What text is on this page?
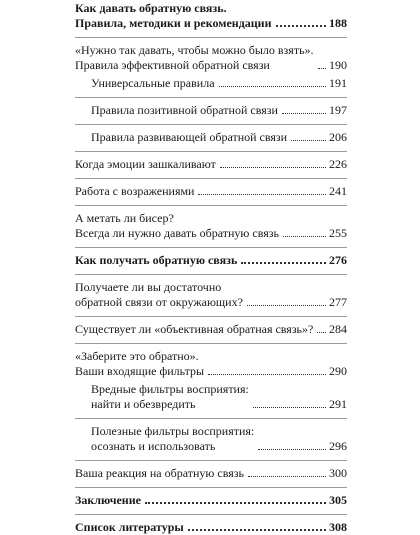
Как давать обратную связь.
Правила, методики и рекомендации	188
«Нужно так давать, чтобы можно было взять».
Правила эффективной обратной связи	190
Универсальные правила	191
Правила позитивной обратной связи	197
Правила развивающей обратной связи	206
Когда эмоции зашкаливают	226
Работа с возражениями	241
А метать ли бисер?
Всегда ли нужно давать обратную связь	255
Как получать обратную связь	276
Получаете ли вы достаточно
обратной связи от окружающих?	277
Существует ли «объективная обратная связь»? 284
«Заберите это обратно».
Ваши входящие фильтры	290
Вредные фильтры восприятия:
найти и обезвредить	291
Полезные фильтры восприятия:
осознать и использовать	296
Ваша реакция на обратную связь	300
Заключение	305
Список литературы	308
